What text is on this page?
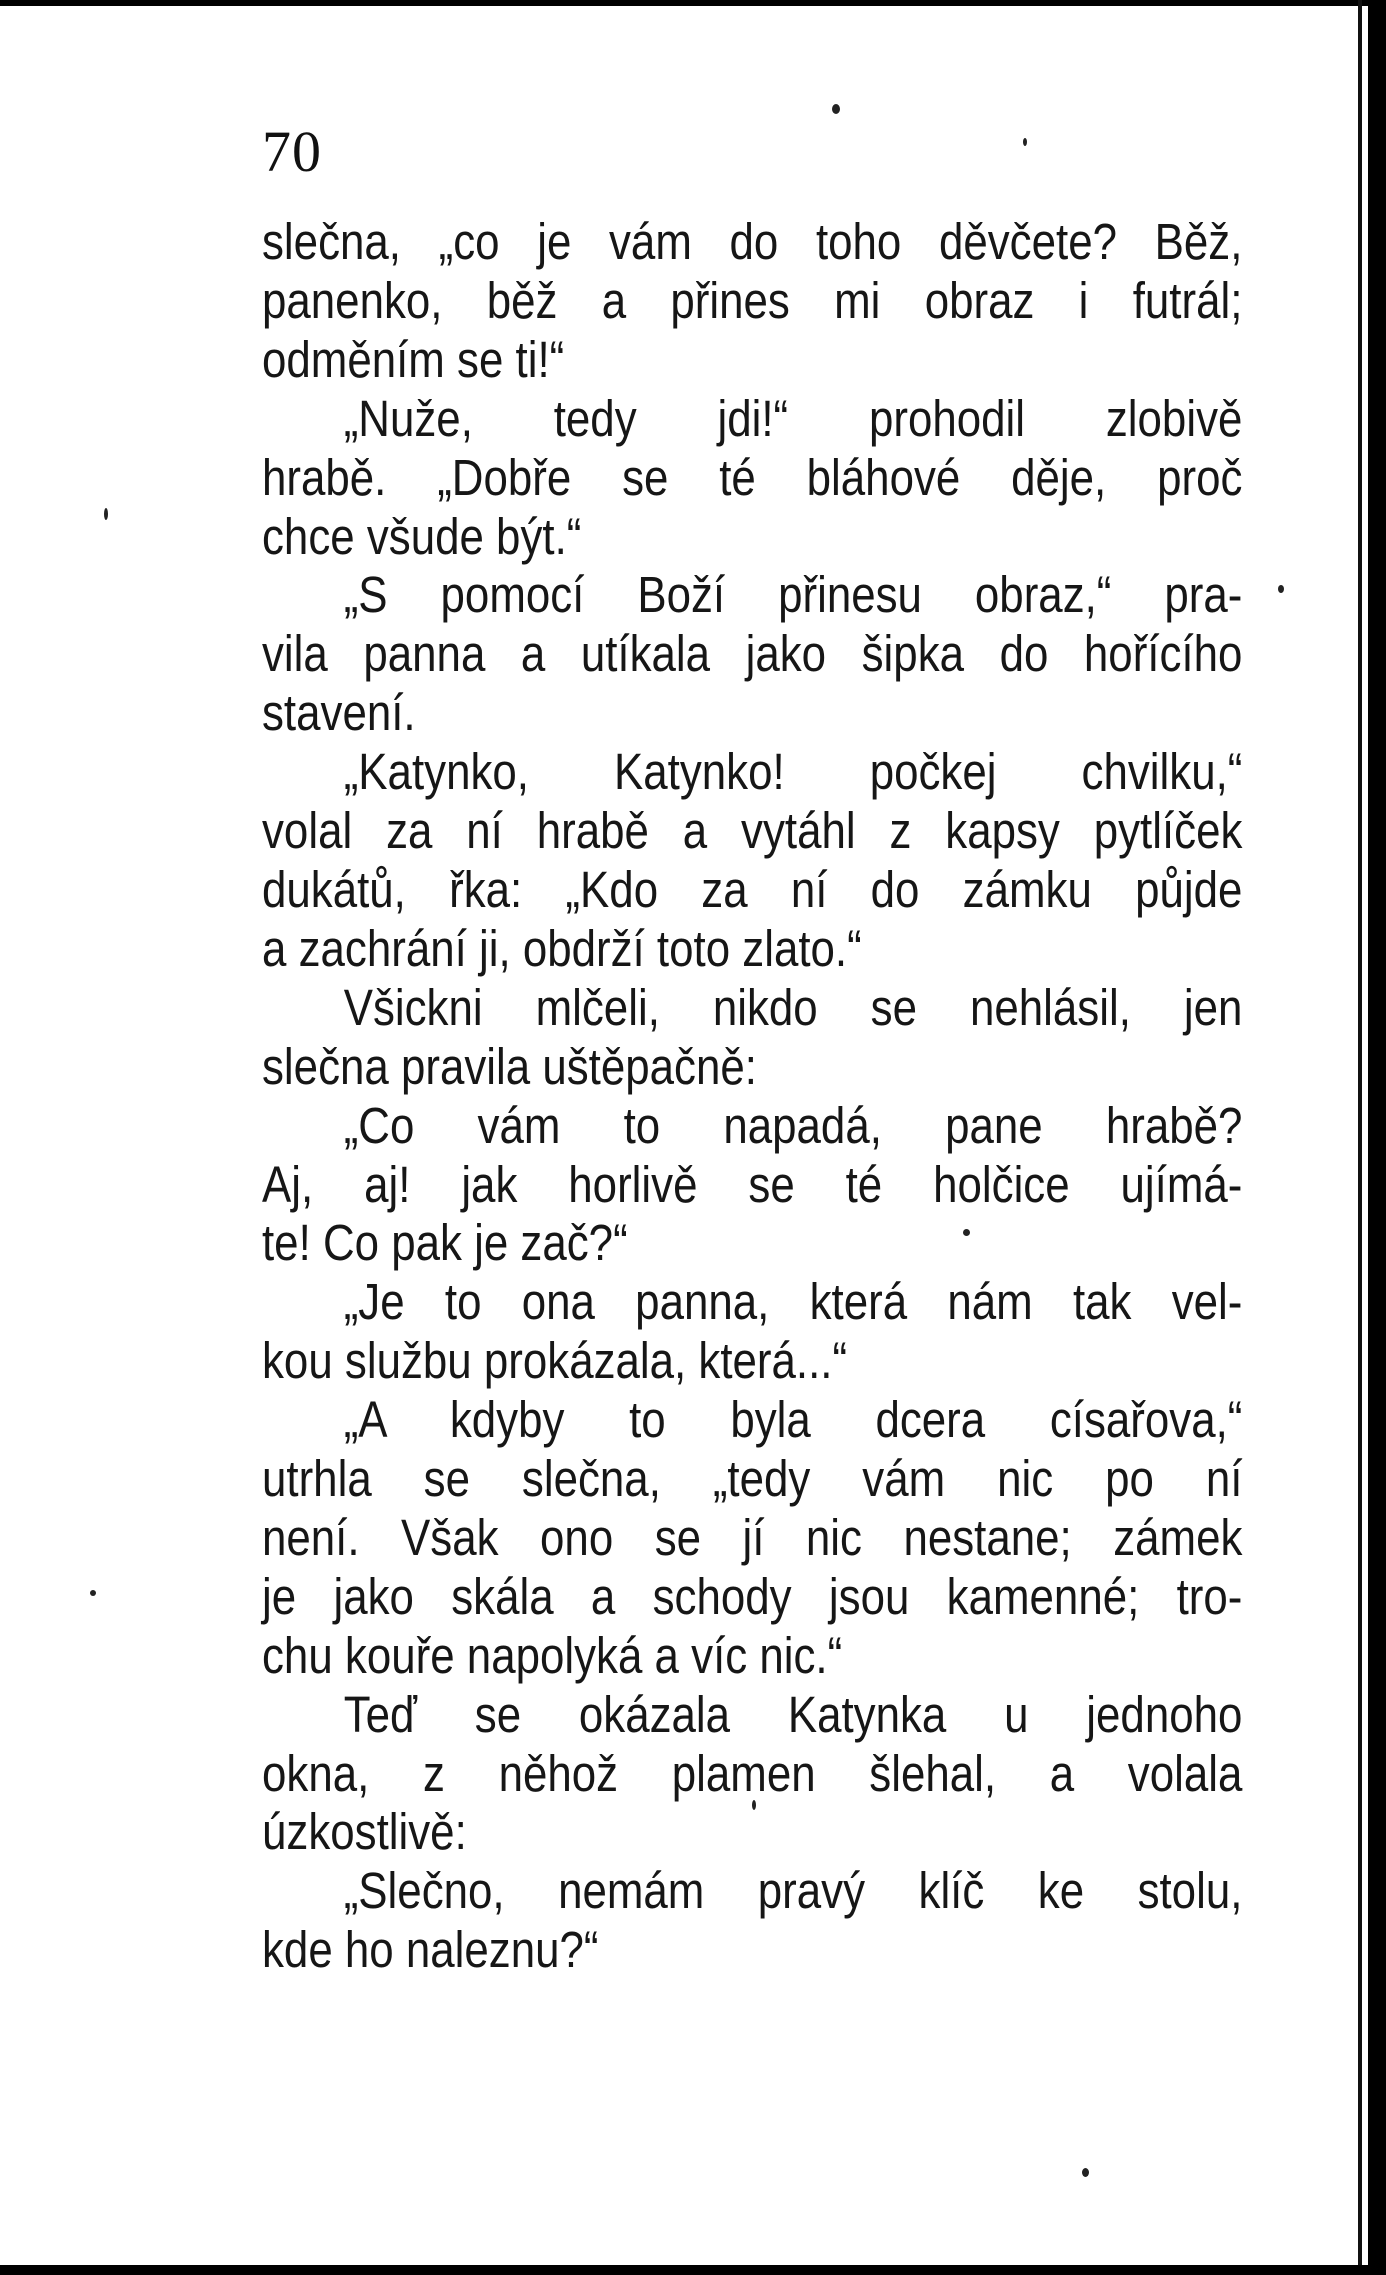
70
slečna, „co je vám do toho děvčete? Běž,
panenko, běž a přines mi obraz i futrál;
odměním se ti!“
„Nuže, tedy jdi!“ prohodil zlobivě
hrabě. „Dobře se té bláhové děje, proč
chce všude být.“
„S pomocí Boží přinesu obraz,“ pra-
vila panna a utíkala jako šipka do hořícího
stavení.
„Katynko, Katynko! počkej chvilku,“
volal za ní hrabě a vytáhl z kapsy pytlíček
dukátů, řka: „Kdo za ní do zámku půjde
a zachrání ji, obdrží toto zlato.“
Všickni mlčeli, nikdo se nehlásil, jen
slečna pravila uštěpačně:
„Co vám to napadá, pane hrabě?
Aj, aj! jak horlivě se té holčice ujímá-
te! Co pak je zač?“
„Je to ona panna, která nám tak vel-
kou službu prokázala, která...“
„A kdyby to byla dcera císařova,“
utrhla se slečna, „tedy vám nic po ní
není. Však ono se jí nic nestane; zámek
je jako skála a schody jsou kamenné; tro-
chu kouře napolyká a víc nic.“
Teď se okázala Katynka u jednoho
okna, z něhož plamen šlehal, a volala
úzkostlivě:
„Slečno, nemám pravý klíč ke stolu,
kde ho naleznu?“
